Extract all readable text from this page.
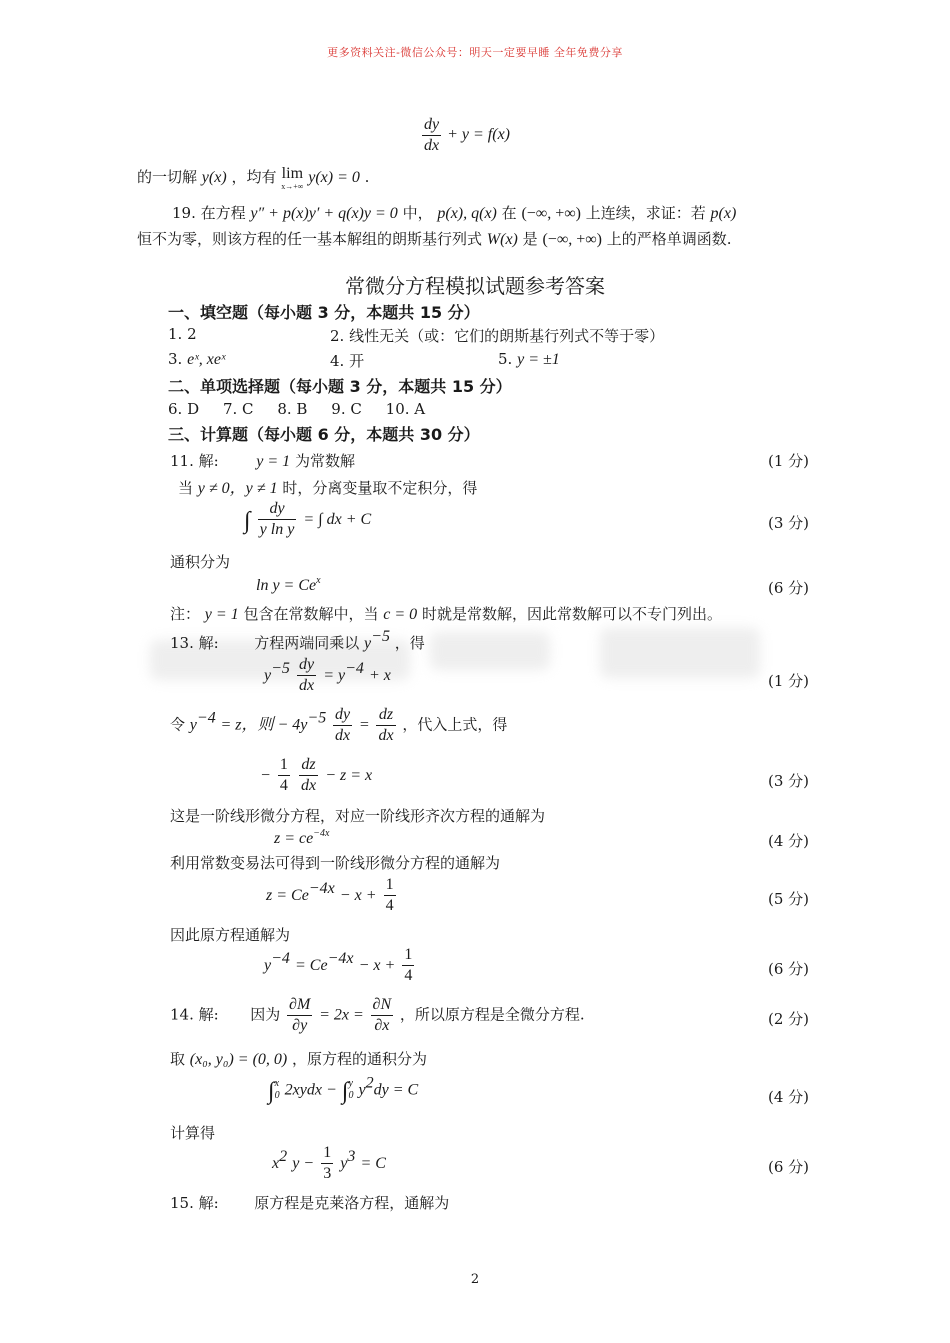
更多资料关注-微信公众号：明天一定要早睡 全年免费分享
$\frac{dy}{dx} + y = f(x)$
的一切解 y(x) ，均有 lim
x→+∞
y(x) = 0 .
19. 在方程 y″ + p(x)y′ + q(x)y = 0 中， p(x), q(x) 在 (−∞, +∞) 上连续，求证：若 p(x)
恒不为零，则该方程的任一基本解组的朗斯基行列式 W(x) 是 (−∞, +∞) 上的严格单调函数.
常微分方程模拟试题参考答案
一、填空题（每小题 3 分，本题共 15 分）
1. 2	2. 线性无关（或：它们的朗斯基行列式不等于零）
3. eˣ, xeˣ	4. 开	5. y = ±1
二、单项选择题（每小题 3 分，本题共 15 分）
6. D     7. C     8. B     9. C     10. A
三、计算题（每小题 6 分，本题共 30 分）
11. 解: y = 1 为常数解	(1 分)
当 y ≠ 0，y ≠ 1 时，分离变量取不定积分，得
∫ $\frac{dy}{\text{y ln y}}$ = ∫ dx + C	(3 分)
通积分为
$\ln y = Ce^x$	(6 分)
注： y = 1 包含在常数解中，当 c = 0 时就是常数解，因此常数解可以不专门列出。
13. 解: 方程两端同乘以 $y^{-5}$ ，得
$y^{-5} \frac{dy}{dx} = y^{-4} + x$	(1 分)
令 $y^{-4} = z$，则 − $4y^{-5} \frac{dy}{dx} = \frac{dz}{dx}$ ，代入上式，得
− $\frac{1}{4}$
$\frac{dz}{dx} - z = x$	(3 分)
这是一阶线形微分方程，对应一阶线形齐次方程的通解为
$z = ce^{-4x}$	(4 分)
利用常数变易法可得到一阶线形微分方程的通解为
$z = Ce^{-4x} - x + \frac{1}{4}$	(5 分)
因此原方程通解为
$y^{-4} = Ce^{-4x} - x + \frac{1}{4}$	(6 分)
14. 解: 因为 $\frac{\partial M}{\partial y} = 2x = \frac{\partial N}{\partial x}$ ，所以原方程是全微分方程.	(2 分)
取 (x₀, y₀) = (0, 0) ，原方程的通积分为
∫ x
0 2xydx − ∫ y
0 $y^2dy = C$	(4 分)
计算得
$x^2$ $y - \frac{1}{3} y^3 = C$	(6 分)
15. 解: 原方程是克莱洛方程，通解为
2
